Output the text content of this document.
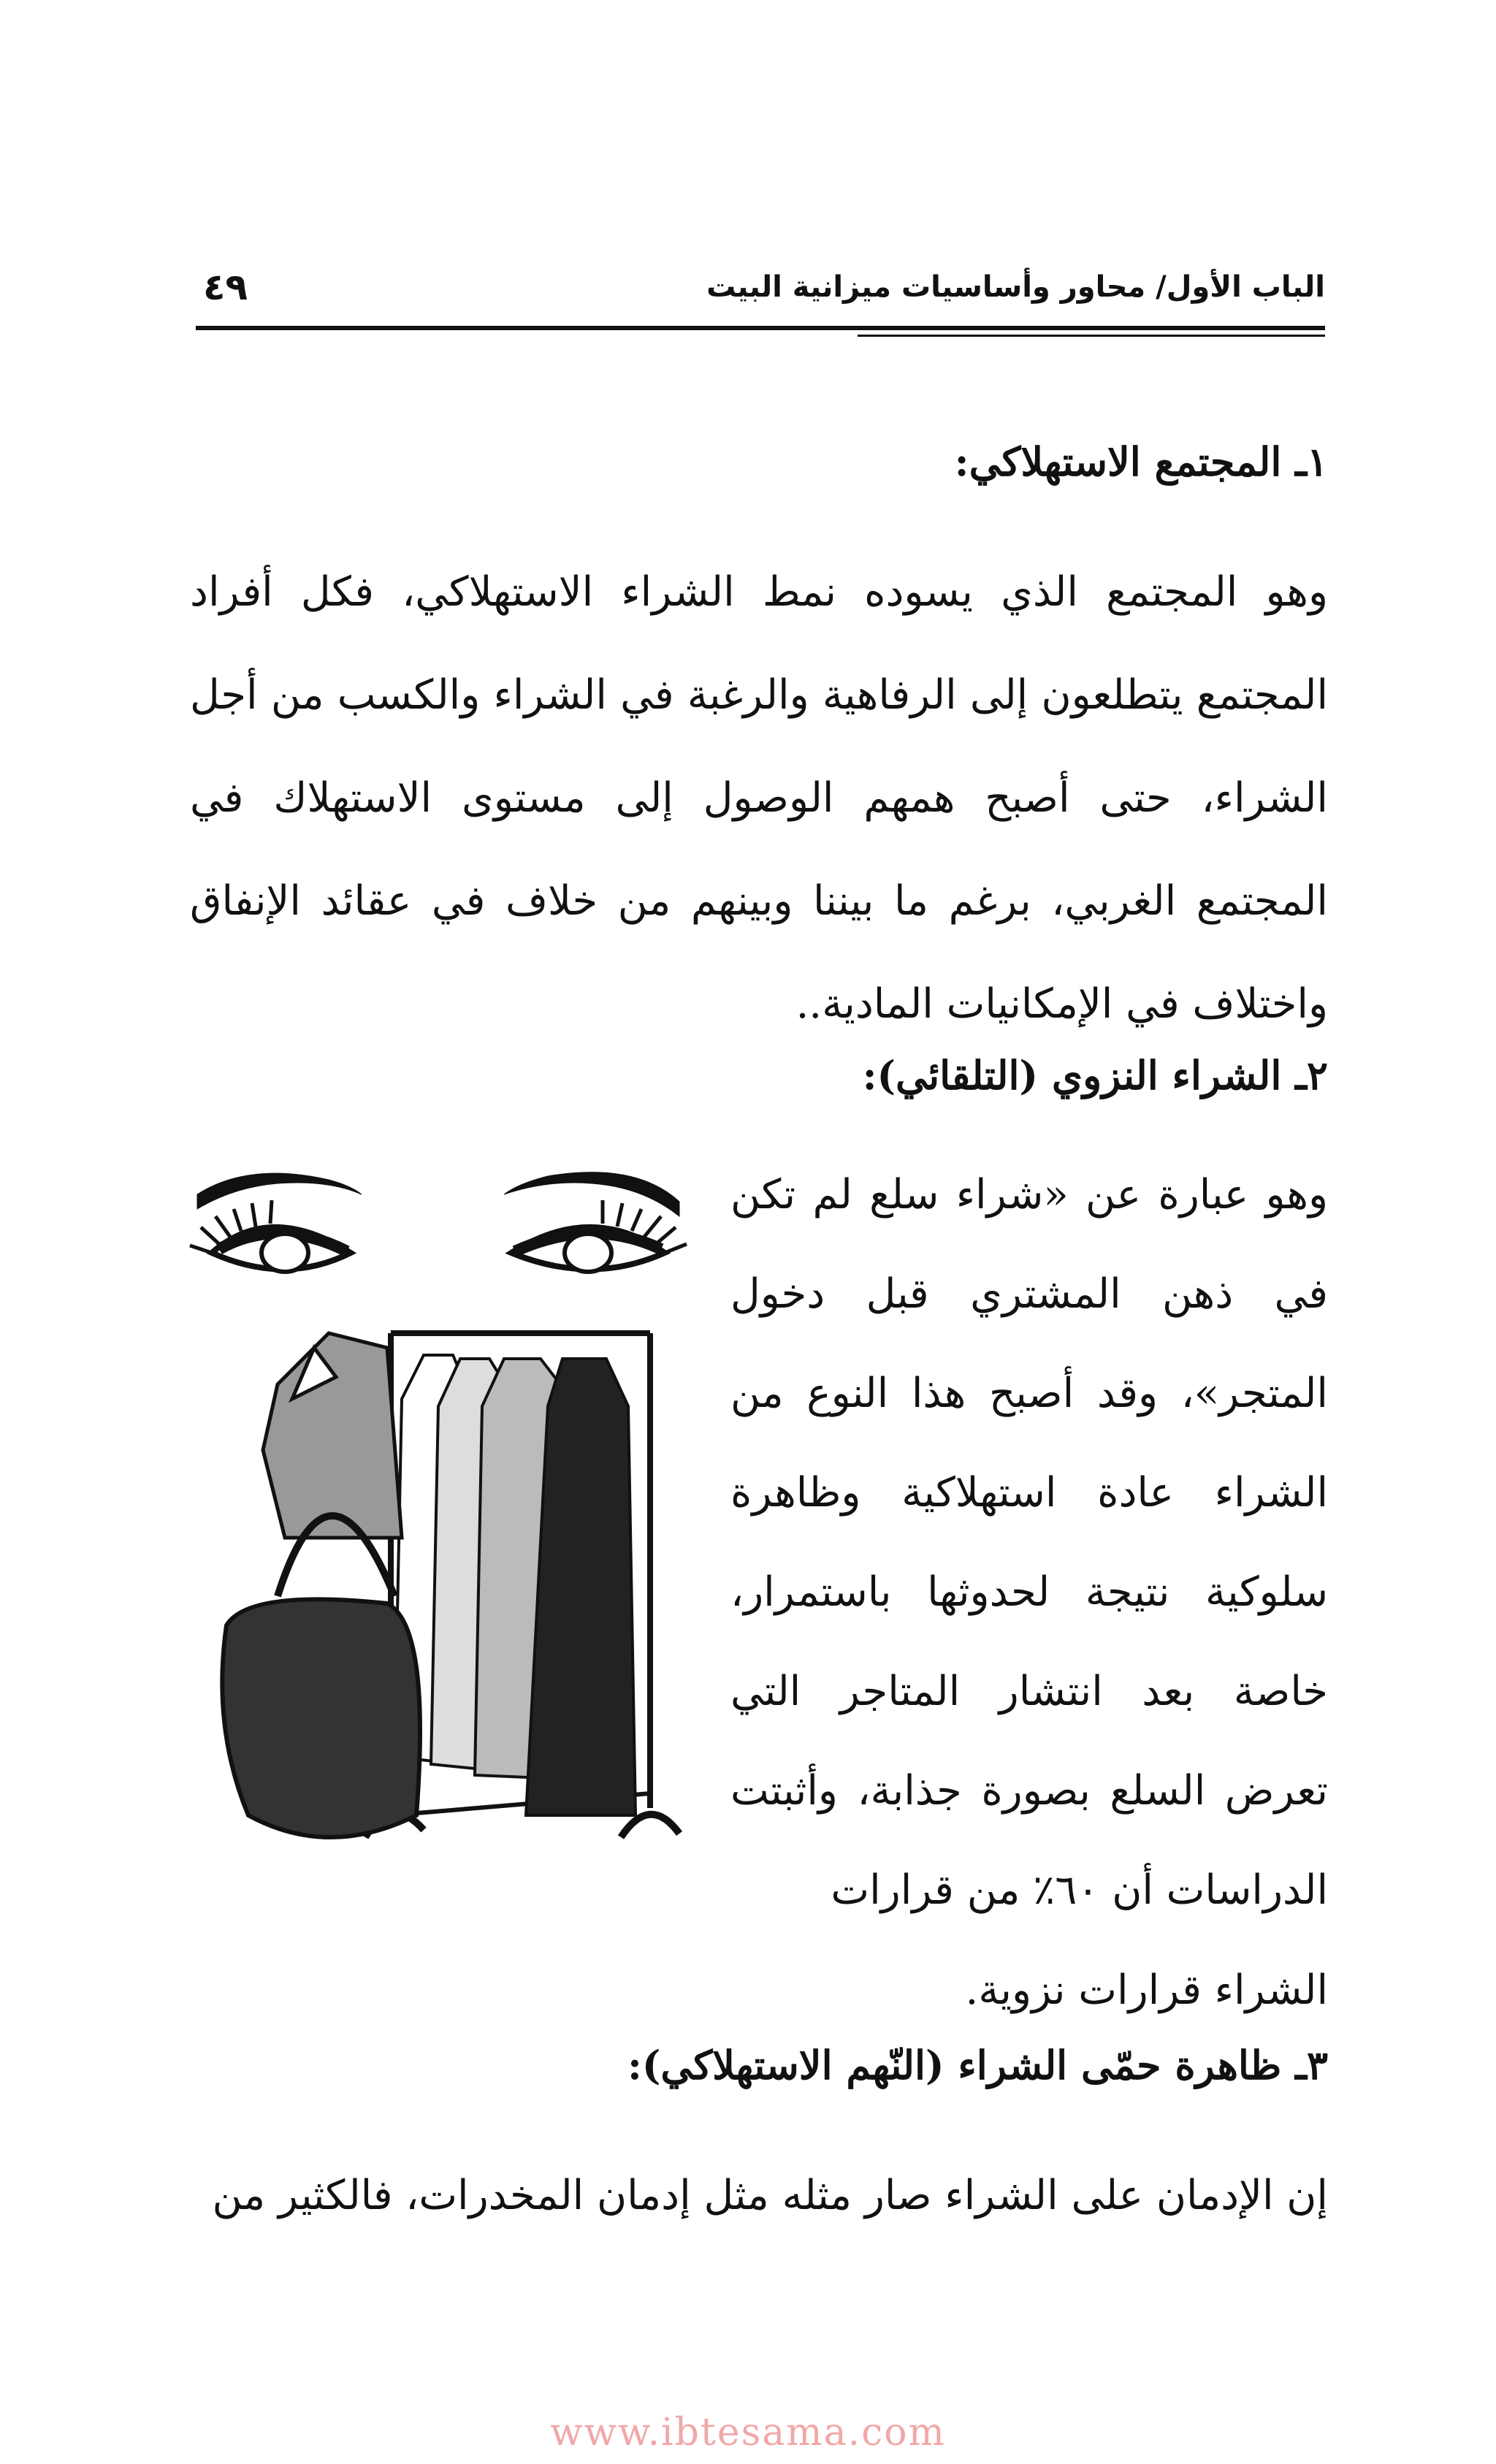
الباب الأول/ محاور وأساسيات ميزانية البيت
٤٩
١ـ المجتمع الاستهلاكي:

وهو المجتمع الذي يسوده نمط الشراء الاستهلاكي، فكل أفراد المجتمع يتطلعون إلى الرفاهية والرغبة في الشراء والكسب من أجل الشراء، حتى أصبح همهم الوصول إلى مستوى الاستهلاك في المجتمع الغربي، برغم ما بيننا وبينهم من خلاف في عقائد الإنفاق واختلاف في الإمكانيات المادية..

٢ـ الشراء النزوي (التلقائي):

وهو عبارة عن «شراء سلع لم تكن في ذهن المشتري قبل دخول المتجر»، وقد أصبح هذا النوع من الشراء عادة استهلاكية وظاهرة سلوكية نتيجة لحدوثها باستمرار، خاصة بعد انتشار المتاجر التي تعرض السلع بصورة جذابة، وأثبتت الدراسات أن ٦٠٪ من قرارات

الشراء قرارات نزوية.

٣ـ ظاهرة حمّى الشراء (النّهم الاستهلاكي):

إن الإدمان على الشراء صار مثله مثل إدمان المخدرات، فالكثير من

www.ibtesama.com
